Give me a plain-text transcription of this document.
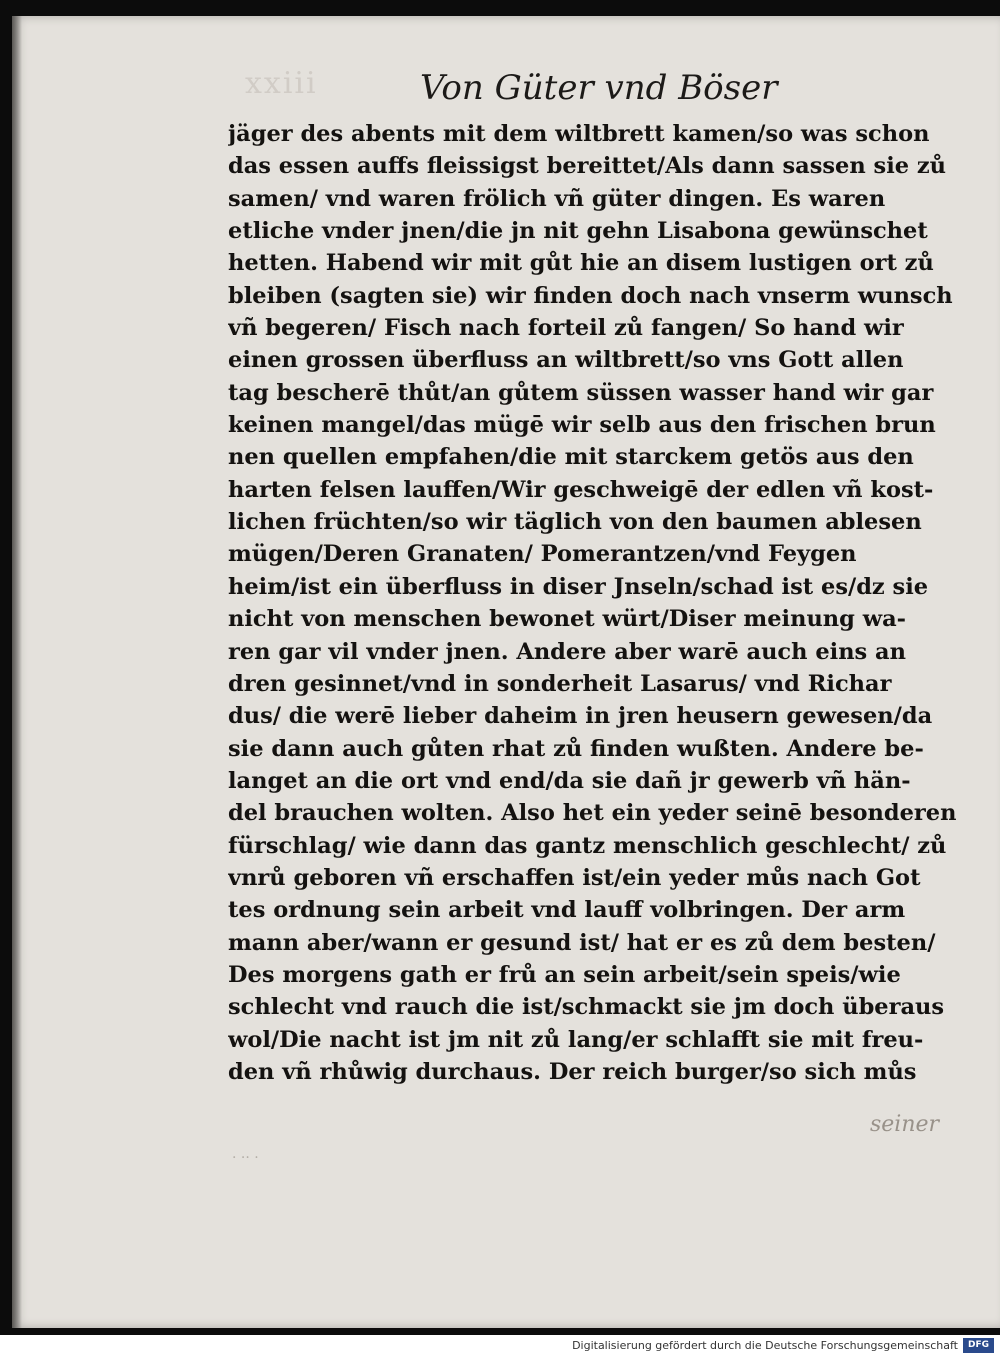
xxiii	Von Güter vnd Böser
jäger des abents mit dem wiltbrett kamen/so was schon
das essen auffs fleissigst bereittet/Als dann sassen sie zů
samen/ vnd waren frölich vñ güter dingen. Es waren
etliche vnder jnen/die jn nit gehn Lisabona gewünschet
hetten. Habend wir mit gůt hie an disem lustigen ort zů
bleiben (sagten sie) wir finden doch nach vnserm wunsch
vñ begeren/ Fisch nach forteil zů fangen/ So hand wir
einen grossen überfluss an wiltbrett/so vns Gott allen
tag bescherē thůt/an gůtem süssen wasser hand wir gar
keinen mangel/das mügē wir selb aus den frischen brun
nen quellen empfahen/die mit starckem getös aus den
harten felsen lauffen/Wir geschweigē der edlen vñ kost-
lichen früchten/so wir täglich von den baumen ablesen
mügen/Deren Granaten/ Pomerantzen/vnd Feygen
heim/ist ein überfluss in diser Jnseln/schad ist es/dz sie
nicht von menschen bewonet würt/Diser meinung wa-
ren gar vil vnder jnen. Andere aber warē auch eins an
dren gesinnet/vnd in sonderheit Lasarus/ vnd Richar
dus/ die werē lieber daheim in jren heusern gewesen/da
sie dann auch gůten rhat zů finden wußten. Andere be-
langet an die ort vnd end/da sie dañ jr gewerb vñ hän-
del brauchen wolten. Also het ein yeder seinē besonderen
fürschlag/ wie dann das gantz menschlich geschlecht/ zů
vnrů geboren vñ erschaffen ist/ein yeder můs nach Got
tes ordnung sein arbeit vnd lauff volbringen. Der arm
mann aber/wann er gesund ist/ hat er es zů dem besten/
Des morgens gath er frů an sein arbeit/sein speis/wie
schlecht vnd rauch die ist/schmackt sie jm doch überaus
wol/Die nacht ist jm nit zů lang/er schlafft sie mit freu-
den vñ rhůwig durchaus. Der reich burger/so sich můs
seiner
· ·· ·
Digitalisierung gefördert durch die Deutsche Forschungsgemeinschaft	DFG
